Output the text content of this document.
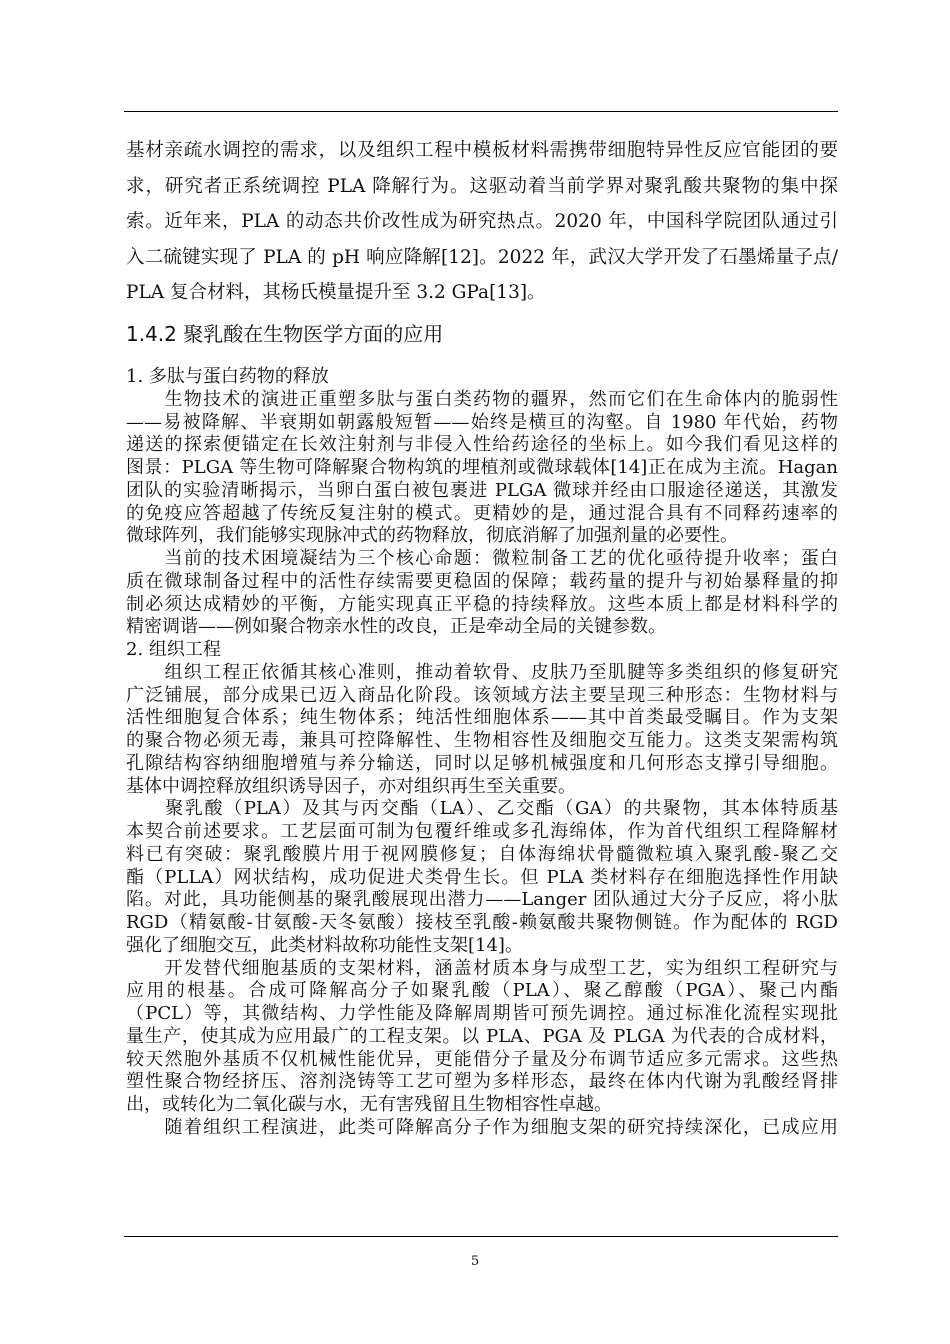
基材亲疏水调控的需求，以及组织工程中模板材料需携带细胞特异性反应官能团的要
求，研究者正系统调控 PLA 降解行为。这驱动着当前学界对聚乳酸共聚物的集中探
索。近年来，PLA 的动态共价改性成为研究热点。2020 年，中国科学院团队通过引
入二硫键实现了 PLA 的 pH 响应降解[12]。2022 年，武汉大学开发了石墨烯量子点/
PLA 复合材料，其杨氏模量提升至 3.2 GPa[13]。
1.4.2 聚乳酸在生物医学方面的应用
1. 多肽与蛋白药物的释放
　　生物技术的演进正重塑多肽与蛋白类药物的疆界，然而它们在生命体内的脆弱性
——易被降解、半衰期如朝露般短暂——始终是横亘的沟壑。自 1980 年代始，药物
递送的探索便锚定在长效注射剂与非侵入性给药途径的坐标上。如今我们看见这样的
图景：PLGA 等生物可降解聚合物构筑的埋植剂或微球载体[14]正在成为主流。Hagan
团队的实验清晰揭示，当卵白蛋白被包裹进 PLGA 微球并经由口服途径递送，其激发
的免疫应答超越了传统反复注射的模式。更精妙的是，通过混合具有不同释药速率的
微球阵列，我们能够实现脉冲式的药物释放，彻底消解了加强剂量的必要性。
　　当前的技术困境凝结为三个核心命题：微粒制备工艺的优化亟待提升收率；蛋白
质在微球制备过程中的活性存续需要更稳固的保障；载药量的提升与初始暴释量的抑
制必须达成精妙的平衡，方能实现真正平稳的持续释放。这些本质上都是材料科学的
精密调谐——例如聚合物亲水性的改良，正是牵动全局的关键参数。
2. 组织工程
　　组织工程正依循其核心准则，推动着软骨、皮肤乃至肌腱等多类组织的修复研究
广泛铺展，部分成果已迈入商品化阶段。该领域方法主要呈现三种形态：生物材料与
活性细胞复合体系；纯生物体系；纯活性细胞体系——其中首类最受瞩目。作为支架
的聚合物必须无毒，兼具可控降解性、生物相容性及细胞交互能力。这类支架需构筑
孔隙结构容纳细胞增殖与养分输送，同时以足够机械强度和几何形态支撑引导细胞。
基体中调控释放组织诱导因子，亦对组织再生至关重要。
　　聚乳酸（PLA）及其与丙交酯（LA）、乙交酯（GA）的共聚物，其本体特质基
本契合前述要求。工艺层面可制为包覆纤维或多孔海绵体，作为首代组织工程降解材
料已有突破：聚乳酸膜片用于视网膜修复；自体海绵状骨髓微粒填入聚乳酸-聚乙交
酯（PLLA）网状结构，成功促进犬类骨生长。但 PLA 类材料存在细胞选择性作用缺
陷。对此，具功能侧基的聚乳酸展现出潜力——Langer 团队通过大分子反应，将小肽
RGD（精氨酸-甘氨酸-天冬氨酸）接枝至乳酸-赖氨酸共聚物侧链。作为配体的 RGD
强化了细胞交互，此类材料故称功能性支架[14]。
　　开发替代细胞基质的支架材料，涵盖材质本身与成型工艺，实为组织工程研究与
应用的根基。合成可降解高分子如聚乳酸（PLA）、聚乙醇酸（PGA）、聚己内酯
（PCL）等，其微结构、力学性能及降解周期皆可预先调控。通过标准化流程实现批
量生产，使其成为应用最广的工程支架。以 PLA、PGA 及 PLGA 为代表的合成材料，
较天然胞外基质不仅机械性能优异，更能借分子量及分布调节适应多元需求。这些热
塑性聚合物经挤压、溶剂浇铸等工艺可塑为多样形态，最终在体内代谢为乳酸经肾排
出，或转化为二氧化碳与水，无有害残留且生物相容性卓越。
　　随着组织工程演进，此类可降解高分子作为细胞支架的研究持续深化，已成应用
5
